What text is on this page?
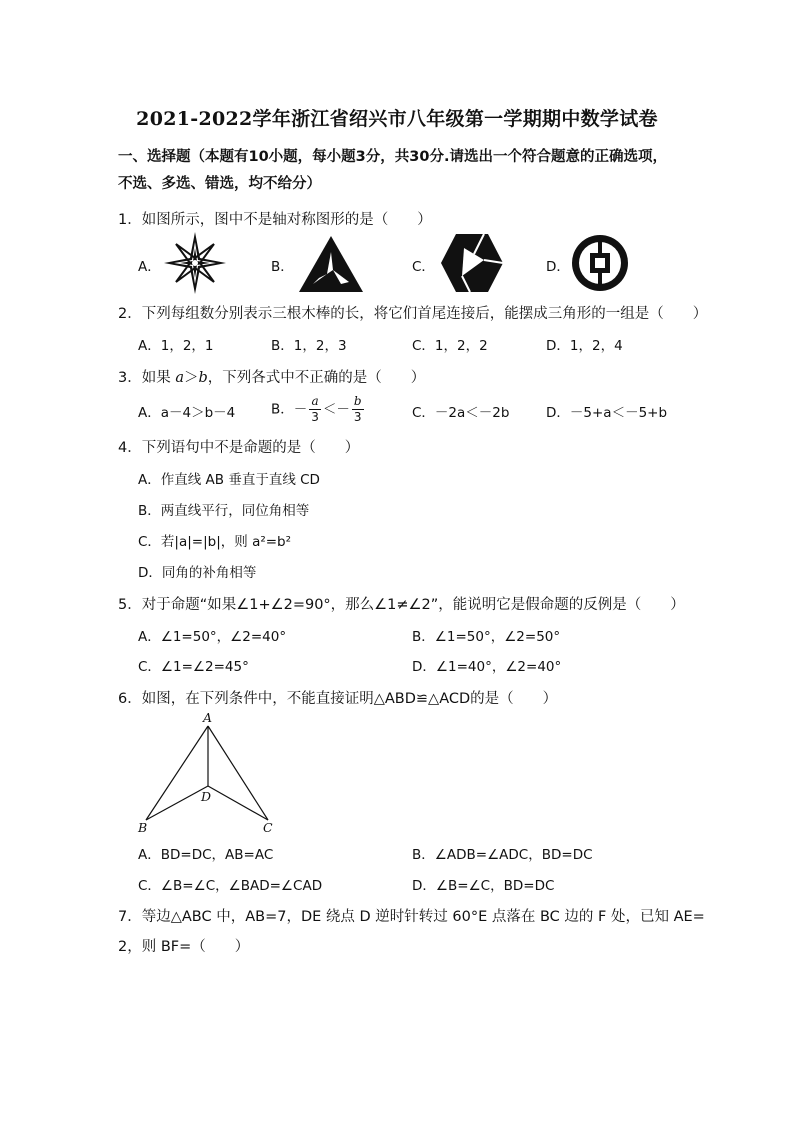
2021-2022学年浙江省绍兴市八年级第一学期期中数学试卷
一、选择题（本题有10小题，每小题3分，共30分.请选出一个符合题意的正确选项，不选、多选、错选，均不给分）
1．如图所示，图中不是轴对称图形的是（　　）
A．	B．	C．	D．
2．下列每组数分别表示三根木棒的长，将它们首尾连接后，能摆成三角形的一组是（　　）
A．1，2，1	B．1，2，3	C．1，2，2	D．1，2，4
3．如果 a＞b，下列各式中不正确的是（　　）
A．a－4＞b－4	B．－ $\frac{a}{3} <- \frac{b}{3}$	C．－2a＜－2b	D．－5+a＜－5+b
4．下列语句中不是命题的是（　　）
A．作直线 AB 垂直于直线 CD
B．两直线平行，同位角相等
C．若|a|=|b|，则 a²=b²
D．同角的补角相等
5．对于命题“如果∠1+∠2=90°，那么∠1≠∠2”，能说明它是假命题的反例是（　　）
A．∠1=50°，∠2=40°	B．∠1=50°，∠2=50°
C．∠1=∠2=45°	D．∠1=40°，∠2=40°
6．如图，在下列条件中，不能直接证明△ABD≌△ACD的是（　　）
A
D
B	C
A．BD=DC，AB=AC	B．∠ADB=∠ADC，BD=DC
C．∠B=∠C，∠BAD=∠CAD	D．∠B=∠C，BD=DC
7．等边△ABC 中，AB=7，DE 绕点 D 逆时针转过 60°E 点落在 BC 边的 F 处，已知 AE=
2，则 BF=（　　）
